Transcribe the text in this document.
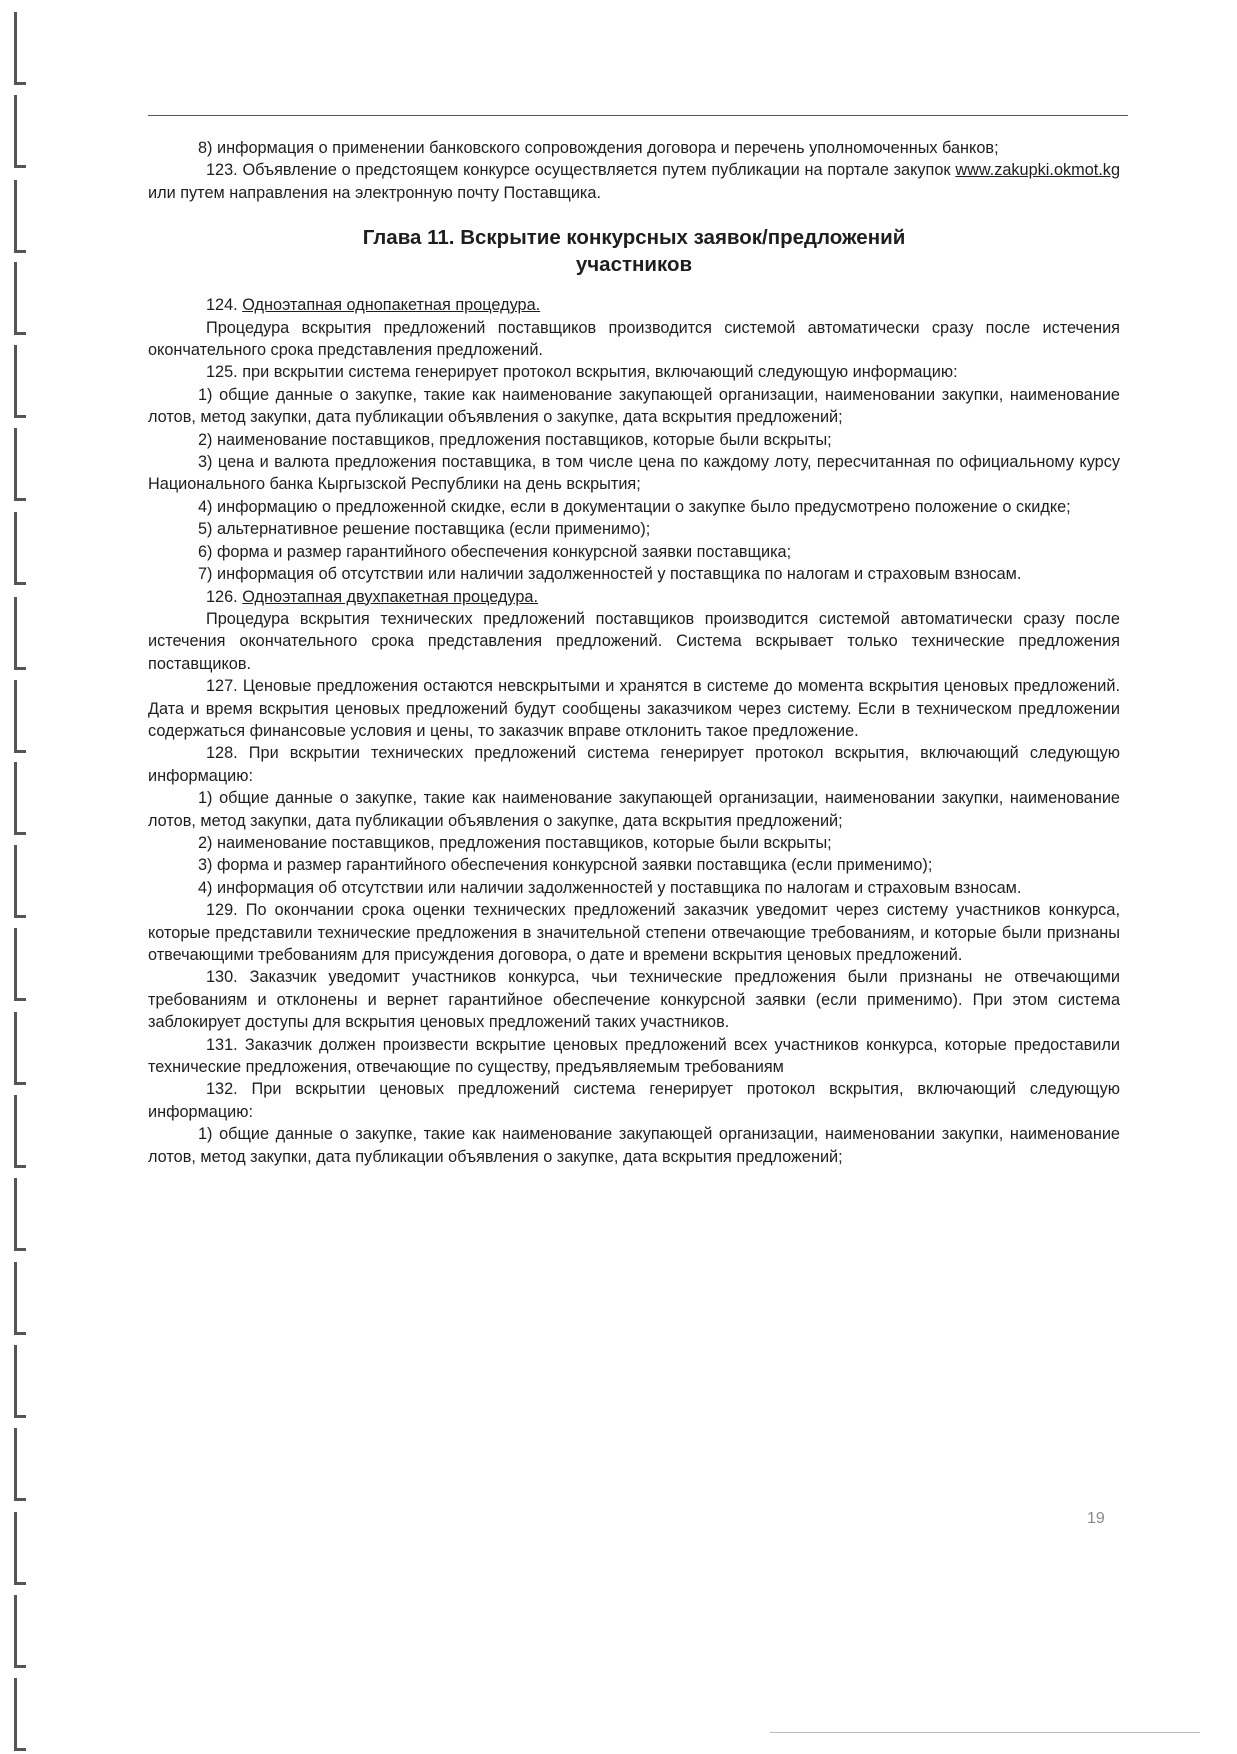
8) информация о применении банковского сопровождения договора и перечень уполномоченных банков;

123. Объявление о предстоящем конкурсе осуществляется путем публикации на портале закупок www.zakupki.okmot.kg или путем направления на электронную почту Поставщика.

Глава 11. Вскрытие конкурсных заявок/предложений
участников

124. Одноэтапная однопакетная процедура.

Процедура вскрытия предложений поставщиков производится системой автоматически сразу после истечения окончательного срока представления предложений.

125. при вскрытии система генерирует протокол вскрытия, включающий следующую информацию:

1) общие данные о закупке, такие как наименование закупающей организации, наименовании закупки, наименование лотов, метод закупки, дата публикации объявления о закупке, дата вскрытия предложений;

2) наименование поставщиков, предложения поставщиков, которые были вскрыты;

3) цена и валюта предложения поставщика, в том числе цена по каждому лоту, пересчитанная по официальному курсу Национального банка Кыргызской Республики на день вскрытия;

4) информацию о предложенной скидке, если в документации о закупке было предусмотрено положение о скидке;

5) альтернативное решение поставщика (если применимо);

6) форма и размер гарантийного обеспечения конкурсной заявки поставщика;

7) информация об отсутствии или наличии задолженностей у поставщика по налогам и страховым взносам.

126. Одноэтапная двухпакетная процедура.

Процедура вскрытия технических предложений поставщиков производится системой автоматически сразу после истечения окончательного срока представления предложений. Система вскрывает только технические предложения поставщиков.

127. Ценовые предложения остаются невскрытыми и хранятся в системе до момента вскрытия ценовых предложений. Дата и время вскрытия ценовых предложений будут сообщены заказчиком через систему. Если в техническом предложении содержаться финансовые условия и цены, то заказчик вправе отклонить такое предложение.

128. При вскрытии технических предложений система генерирует протокол вскрытия, включающий следующую информацию:

1) общие данные о закупке, такие как наименование закупающей организации, наименовании закупки, наименование лотов, метод закупки, дата публикации объявления о закупке, дата вскрытия предложений;

2) наименование поставщиков, предложения поставщиков, которые были вскрыты;

3) форма и размер гарантийного обеспечения конкурсной заявки поставщика (если применимо);

4) информация об отсутствии или наличии задолженностей у поставщика по налогам и страховым взносам.

129. По окончании срока оценки технических предложений заказчик уведомит через систему участников конкурса, которые представили технические предложения в значительной степени отвечающие требованиям, и которые были признаны отвечающими требованиям для присуждения договора, о дате и времени вскрытия ценовых предложений.

130. Заказчик уведомит участников конкурса, чьи технические предложения были признаны не отвечающими требованиям и отклонены и вернет гарантийное обеспечение конкурсной заявки (если применимо). При этом система заблокирует доступы для вскрытия ценовых предложений таких участников.

131. Заказчик должен произвести вскрытие ценовых предложений всех участников конкурса, которые предоставили технические предложения, отвечающие по существу, предъявляемым требованиям

132. При вскрытии ценовых предложений система генерирует протокол вскрытия, включающий следующую информацию:

1) общие данные о закупке, такие как наименование закупающей организации, наименовании закупки, наименование лотов, метод закупки, дата публикации объявления о закупке, дата вскрытия предложений;

19
